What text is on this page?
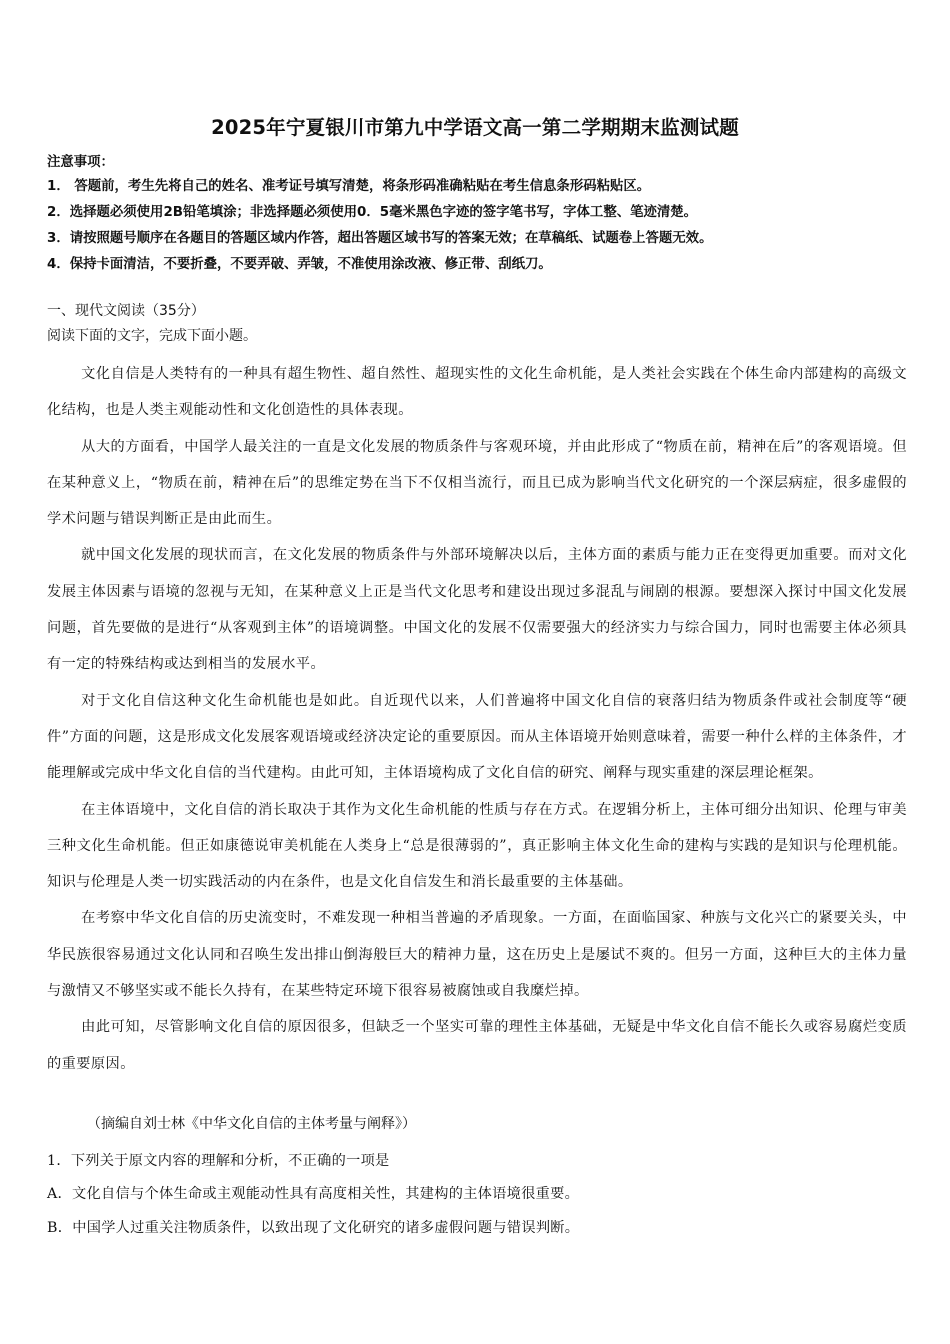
2025年宁夏银川市第九中学语文高一第二学期期末监测试题
注意事项：
1． 答题前，考生先将自己的姓名、准考证号填写清楚，将条形码准确粘贴在考生信息条形码粘贴区。
2．选择题必须使用2B铅笔填涂；非选择题必须使用0．5毫米黑色字迹的签字笔书写，字体工整、笔迹清楚。
3．请按照题号顺序在各题目的答题区域内作答，超出答题区域书写的答案无效；在草稿纸、试题卷上答题无效。
4．保持卡面清洁，不要折叠，不要弄破、弄皱，不准使用涂改液、修正带、刮纸刀。
一、现代文阅读（35分）
阅读下面的文字，完成下面小题。

文化自信是人类特有的一种具有超生物性、超自然性、超现实性的文化生命机能，是人类社会实践在个体生命内部建构的高级文化结构，也是人类主观能动性和文化创造性的具体表现。

从大的方面看，中国学人最关注的一直是文化发展的物质条件与客观环境，并由此形成了“物质在前，精神在后”的客观语境。但在某种意义上，“物质在前，精神在后”的思维定势在当下不仅相当流行，而且已成为影响当代文化研究的一个深层病症，很多虚假的学术问题与错误判断正是由此而生。

就中国文化发展的现状而言，在文化发展的物质条件与外部环境解决以后，主体方面的素质与能力正在变得更加重要。而对文化发展主体因素与语境的忽视与无知，在某种意义上正是当代文化思考和建设出现过多混乱与闹剧的根源。要想深入探讨中国文化发展问题，首先要做的是进行“从客观到主体”的语境调整。中国文化的发展不仅需要强大的经济实力与综合国力，同时也需要主体必须具有一定的特殊结构或达到相当的发展水平。

对于文化自信这种文化生命机能也是如此。自近现代以来，人们普遍将中国文化自信的衰落归结为物质条件或社会制度等“硬件”方面的问题，这是形成文化发展客观语境或经济决定论的重要原因。而从主体语境开始则意味着，需要一种什么样的主体条件，才能理解或完成中华文化自信的当代建构。由此可知，主体语境构成了文化自信的研究、阐释与现实重建的深层理论框架。

在主体语境中，文化自信的消长取决于其作为文化生命机能的性质与存在方式。在逻辑分析上，主体可细分出知识、伦理与审美三种文化生命机能。但正如康德说审美机能在人类身上“总是很薄弱的”，真正影响主体文化生命的建构与实践的是知识与伦理机能。知识与伦理是人类一切实践活动的内在条件，也是文化自信发生和消长最重要的主体基础。

在考察中华文化自信的历史流变时，不难发现一种相当普遍的矛盾现象。一方面，在面临国家、种族与文化兴亡的紧要关头，中华民族很容易通过文化认同和召唤生发出排山倒海般巨大的精神力量，这在历史上是屡试不爽的。但另一方面，这种巨大的主体力量与激情又不够坚实或不能长久持有，在某些特定环境下很容易被腐蚀或自我糜烂掉。

由此可知，尽管影响文化自信的原因很多，但缺乏一个坚实可靠的理性主体基础，无疑是中华文化自信不能长久或容易腐烂变质的重要原因。

（摘编自刘士林《中华文化自信的主体考量与阐释》）
1．下列关于原文内容的理解和分析，不正确的一项是
A．文化自信与个体生命或主观能动性具有高度相关性，其建构的主体语境很重要。
B．中国学人过重关注物质条件，以致出现了文化研究的诸多虚假问题与错误判断。
